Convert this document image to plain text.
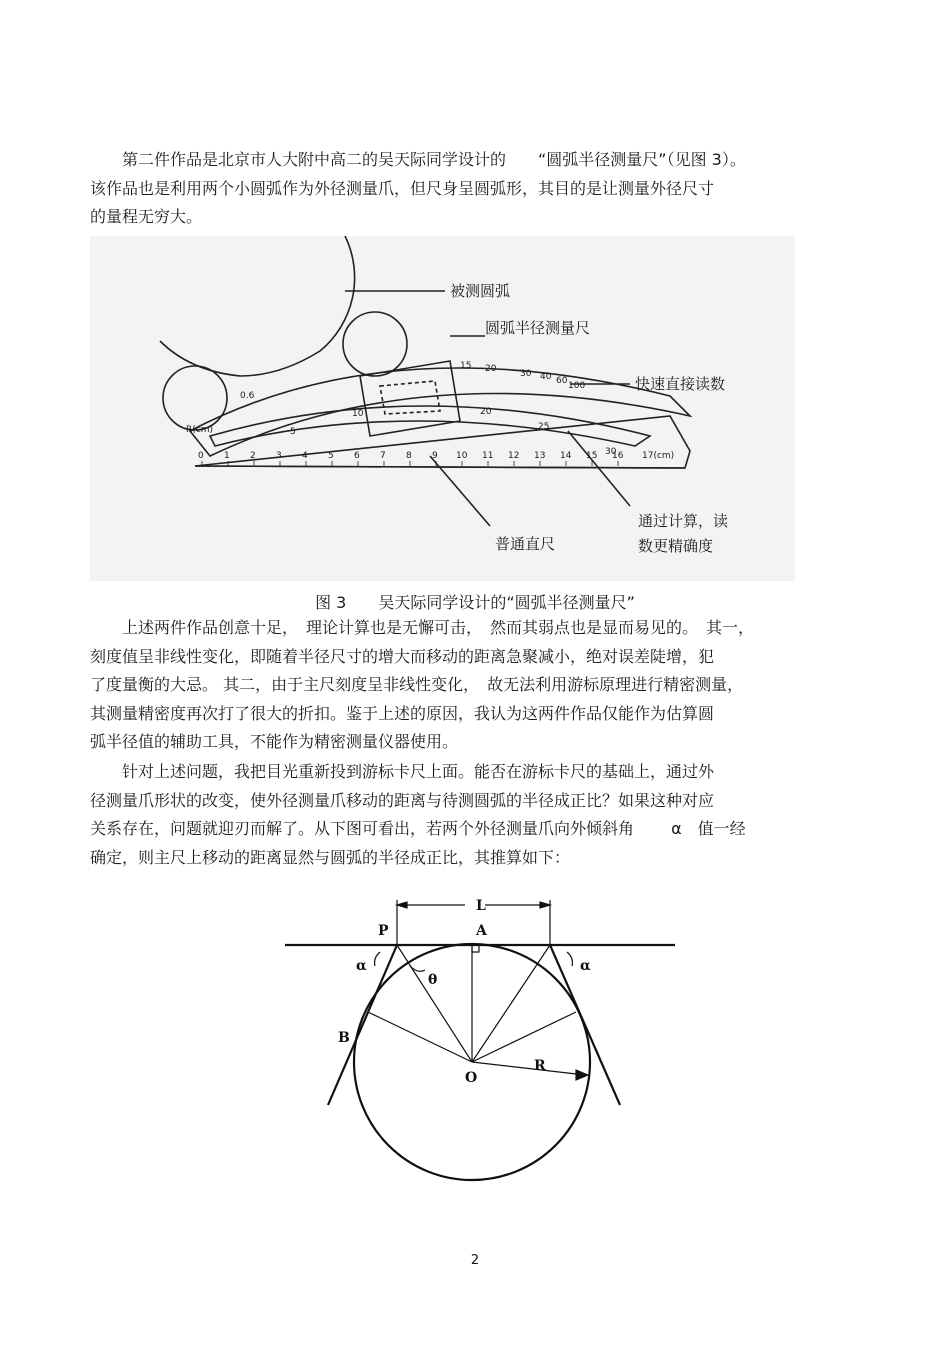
　　第二件作品是北京市人大附中高二的吴天际同学设计的　　“圆弧半径测量尺”（见图 3）。
该作品也是利用两个小圆弧作为外径测量爪，但尺身呈圆弧形，其目的是让测量外径尺寸
的量程无穷大。
0 1 2 3 4 5 6 7 8 9 10 11 12 13 14 15 16 17(cm)
R(cm)
0.6
15 20	30 40 60 100
5
10	20
25
30
被测圆弧
圆弧半径测量尺
快速直接读数
通过计算，读
数更精确度
普通直尺
图 3　　吴天际同学设计的“圆弧半径测量尺”
　　上述两件作品创意十足，　理论计算也是无懈可击，　然而其弱点也是显而易见的。　其一，
刻度值呈非线性变化，即随着半径尺寸的增大而移动的距离急聚减小，绝对误差陡增，犯
了度量衡的大忌。 其二，由于主尺刻度呈非线性变化，　故无法利用游标原理进行精密测量，
其测量精密度再次打了很大的折扣。鉴于上述的原因，我认为这两件作品仅能作为估算圆
弧半径值的辅助工具，不能作为精密测量仪器使用。
　　针对上述问题，我把目光重新投到游标卡尺上面。能否在游标卡尺的基础上，通过外
径测量爪形状的改变，使外径测量爪移动的距离与待测圆弧的半径成正比？如果这种对应
关系存在，问题就迎刃而解了。从下图可看出，若两个外径测量爪向外倾斜角　　 α　值一经
确定，则主尺上移动的距离显然与圆弧的半径成正比，其推算如下：
L
P	A
α	α
θ
B
O
R
2
